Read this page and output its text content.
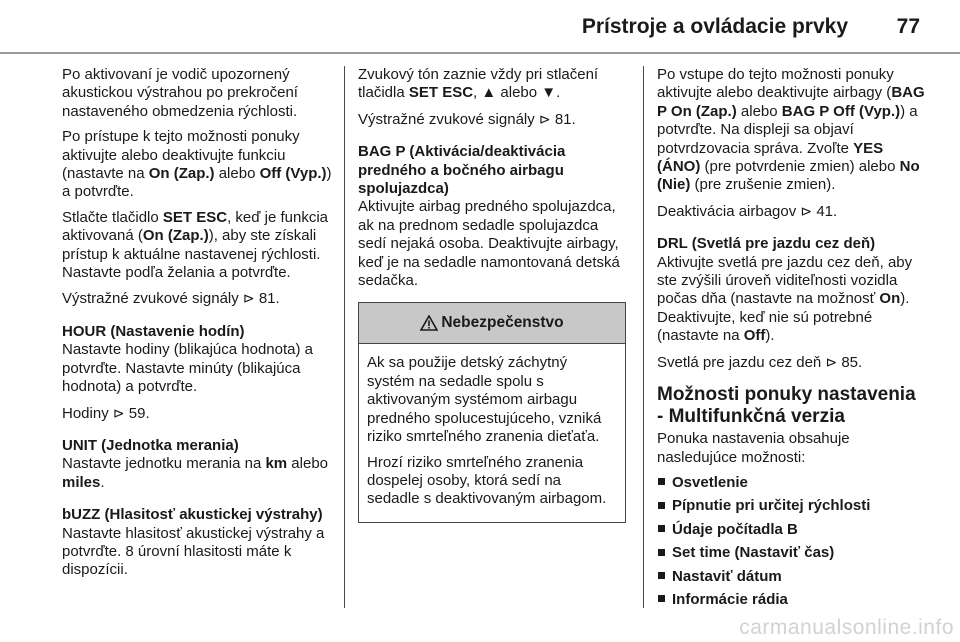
Prístroje a ovládacie prvky 77

Po aktivovaní je vodič upozornený akustickou výstrahou po prekročení nastaveného obmedzenia rýchlosti.

Po prístupe k tejto možnosti ponuky aktivujte alebo deaktivujte funkciu (nastavte na On (Zap.) alebo Off (Vyp.)) a potvrďte.

Stlačte tlačidlo SET ESC, keď je funkcia aktivovaná (On (Zap.)), aby ste získali prístup k aktuálne nastavenej rýchlosti. Nastavte podľa želania a potvrďte.

Výstražné zvukové signály ⊳ 81.

HOUR (Nastavenie hodín)

Nastavte hodiny (blikajúca hodnota) a potvrďte. Nastavte minúty (blikajúca hodnota) a potvrďte.

Hodiny ⊳ 59.

UNIT (Jednotka merania)

Nastavte jednotku merania na km alebo miles.

bUZZ (Hlasitosť akustickej výstrahy)

Nastavte hlasitosť akustickej výstrahy a potvrďte. 8 úrovní hlasitosti máte k dispozícii.

Zvukový tón zaznie vždy pri stlačení tlačidla SET ESC, ▲ alebo ▼.

Výstražné zvukové signály ⊳ 81.

BAG P (Aktivácia/deaktivácia predného a bočného airbagu spolujazdca)

Aktivujte airbag predného spolujazdca, ak na prednom sedadle spolujazdca sedí nejaká osoba. Deaktivujte airbagy, keď je na sedadle namontovaná detská sedačka.

Nebezpečenstvo

Ak sa použije detský záchytný systém na sedadle spolu s aktivovaným systémom airbagu predného spolucestujúceho, vzniká riziko smrteľného zranenia dieťaťa.

Hrozí riziko smrteľného zranenia dospelej osoby, ktorá sedí na sedadle s deaktivovaným airbagom.

Po vstupe do tejto možnosti ponuky aktivujte alebo deaktivujte airbagy (BAG P On (Zap.) alebo BAG P Off (Vyp.)) a potvrďte. Na displeji sa objaví potvrdzovacia správa. Zvoľte YES (ÁNO) (pre potvrdenie zmien) alebo No (Nie) (pre zrušenie zmien).

Deaktivácia airbagov ⊳ 41.

DRL (Svetlá pre jazdu cez deň)

Aktivujte svetlá pre jazdu cez deň, aby ste zvýšili úroveň viditeľnosti vozidla počas dňa (nastavte na možnosť On). Deaktivujte, keď nie sú potrebné (nastavte na Off).

Svetlá pre jazdu cez deň ⊳ 85.

Možnosti ponuky nastavenia - Multifunkčná verzia

Ponuka nastavenia obsahuje nasledujúce možnosti:

Osvetlenie
Pípnutie pri určitej rýchlosti
Údaje počítadla B
Set time (Nastaviť čas)
Nastaviť dátum
Informácie rádia
carmanualsonline.info
